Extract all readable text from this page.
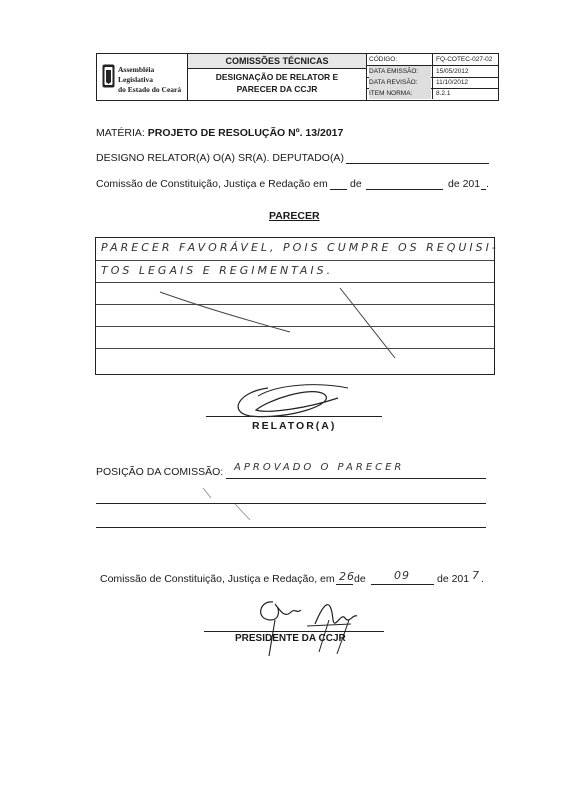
Assembléia Legislativa
do Estado do Ceará
COMISSÕES TÉCNICAS
DESIGNAÇÃO DE RELATOR E
PARECER DA CCJR
CÓDIGO:	FQ-COTEC-027-02
DATA EMISSÃO:	15/05/2012
DATA REVISÃO:	11/10/2012
ITEM NORMA:	8.2.1
MATÉRIA: PROJETO DE RESOLUÇÃO Nº. 13/2017
DESIGNO RELATOR(A) O(A) SR(A). DEPUTADO(A)
Comissão de Constituição, Justiça e Redação em de	de 201 .
PARECER
PARECER FAVORÁVEL, POIS CUMPRE OS REQUISI-
TOS LEGAIS E REGIMENTAIS.
RELATOR(A)
POSIÇÃO DA COMISSÃO: APROVADO O PARECER
Comissão de Constituição, Justiça e Redação, em 26 de	09	de 201 7 .
PRESIDENTE DA CCJR
